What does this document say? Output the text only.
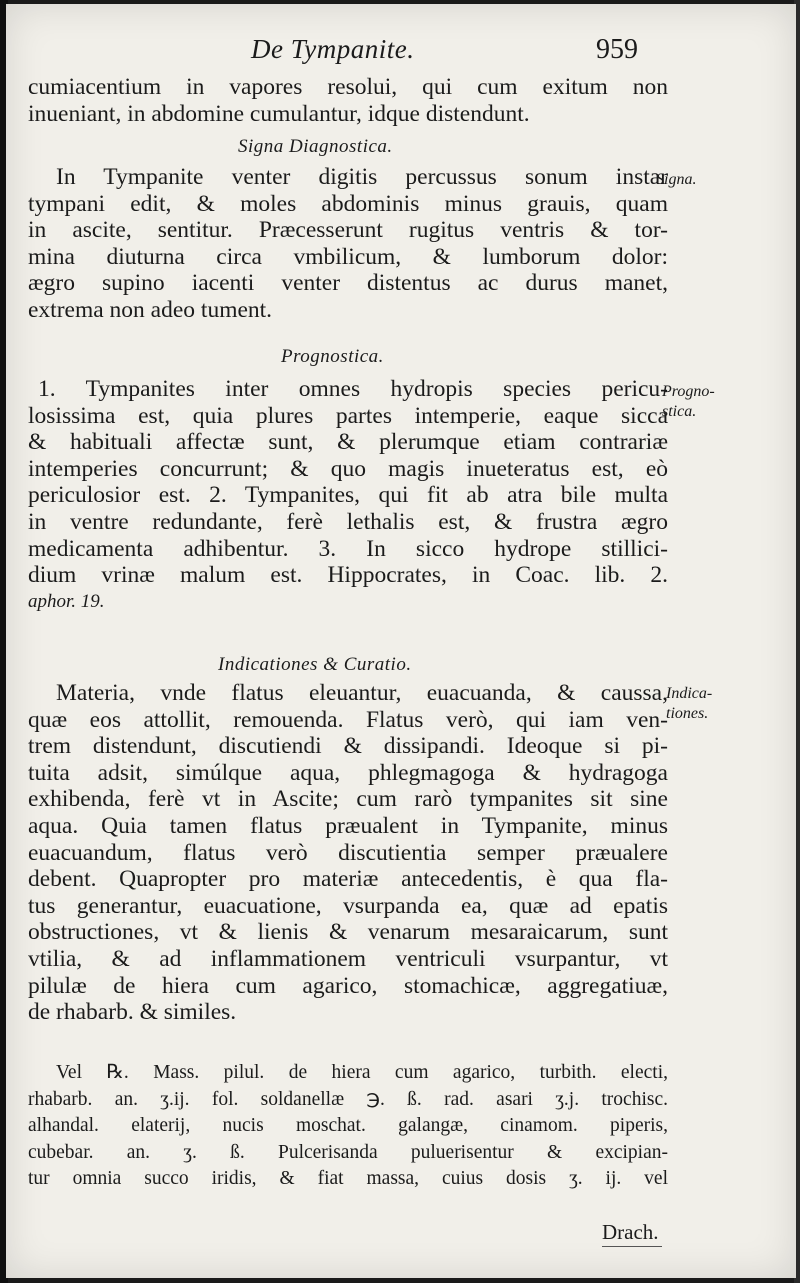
De Tympanite.	959
cumiacentium in vapores resolui, qui cum exitum non
inueniant, in abdomine cumulantur, idque distendunt.
Signa Diagnostica.
Signa.
In Tympanite venter digitis percussus sonum instar
tympani edit, & moles abdominis minus grauis, quam
in ascite, sentitur. Præcesserunt rugitus ventris & tor-
mina diuturna circa vmbilicum, & lumborum dolor:
ægro supino iacenti venter distentus ac durus manet,
extrema non adeo tument.
Prognostica.
Progno-
stica.
1. Tympanites inter omnes hydropis species pericu-
losissima est, quia plures partes intemperie, eaque sicca
& habituali affectæ sunt, & plerumque etiam contrariæ
intemperies concurrunt; & quo magis inueteratus est, eò
periculosior est. 2. Tympanites, qui fit ab atra bile multa
in ventre redundante, ferè lethalis est, & frustra ægro
medicamenta adhibentur. 3. In sicco hydrope stillici-
dium vrinæ malum est. Hippocrates, in Coac. lib. 2.
aphor. 19.
Indicationes & Curatio.
Indica-
tiones.
Materia, vnde flatus eleuantur, euacuanda, & caussa,
quæ eos attollit, remouenda. Flatus verò, qui iam ven-
trem distendunt, discutiendi & dissipandi. Ideoque si pi-
tuita adsit, simúlque aqua, phlegmagoga & hydragoga
exhibenda, ferè vt in Ascite; cum rarò tympanites sit sine
aqua. Quia tamen flatus præualent in Tympanite, minus
euacuandum, flatus verò discutientia semper præualere
debent. Quapropter pro materiæ antecedentis, è qua fla-
tus generantur, euacuatione, vsurpanda ea, quæ ad epatis
obstructiones, vt & lienis & venarum mesaraicarum, sunt
vtilia, & ad inflammationem ventriculi vsurpantur, vt
pilulæ de hiera cum agarico, stomachicæ, aggregatiuæ,
de rhabarb. & similes.
Vel ℞. Mass. pilul. de hiera cum agarico, turbith. electi,
rhabarb. an. ʒ.ij. fol. soldanellæ ℈. ß. rad. asari ʒ.j. trochisc.
alhandal. elaterij, nucis moschat. galangæ, cinamom. piperis,
cubebar. an. ʒ. ß. Pulcerisanda puluerisentur & excipian-
tur omnia succo iridis, & fiat massa, cuius dosis ʒ. ij. vel
Drach.
